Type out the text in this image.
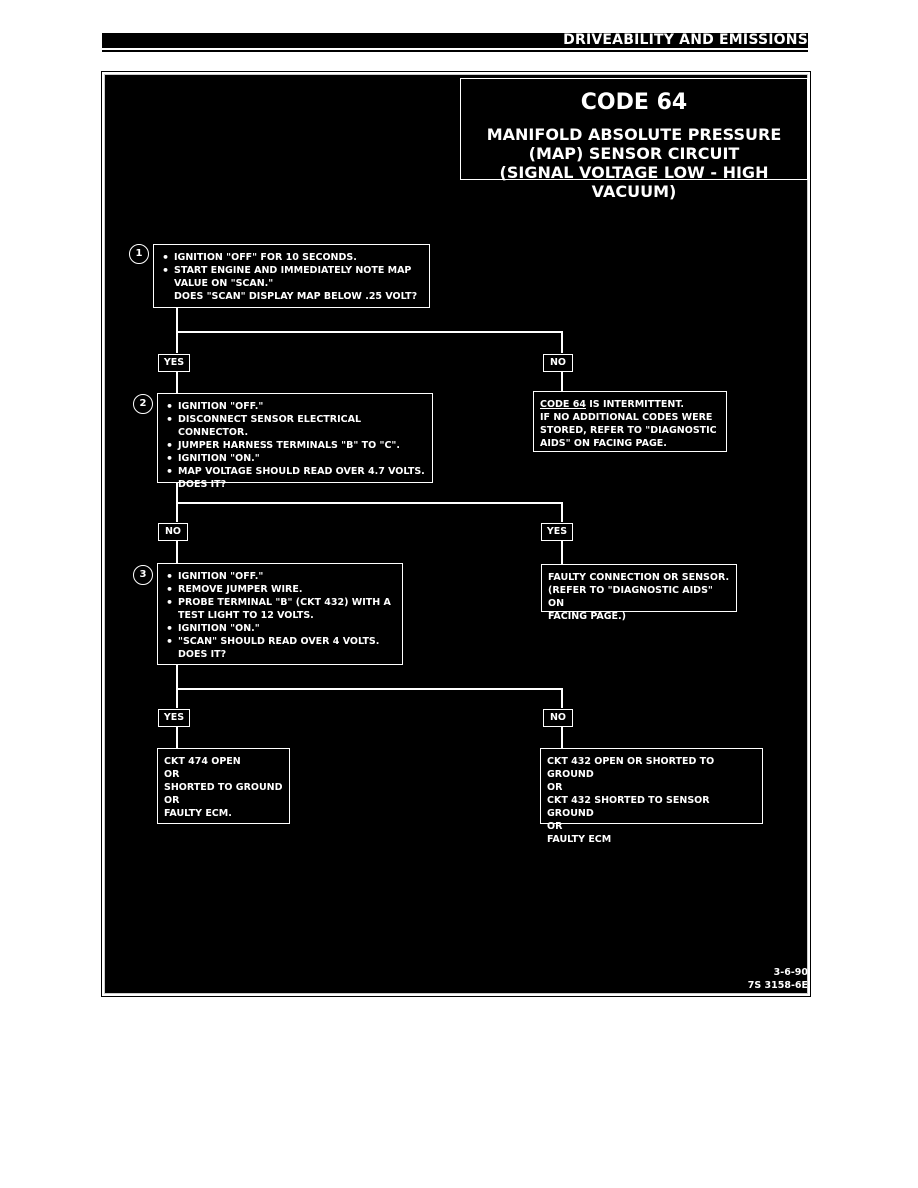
DRIVEABILITY AND EMISSIONS
CODE 64
MANIFOLD ABSOLUTE PRESSURE
(MAP) SENSOR CIRCUIT
(SIGNAL VOLTAGE LOW - HIGH VACUUM)
1	• IGNITION "OFF" FOR 10 SECONDS.
• START ENGINE AND IMMEDIATELY NOTE MAP VALUE ON "SCAN."
DOES "SCAN" DISPLAY MAP BELOW .25 VOLT?
YES	NO
CODE 64 IS INTERMITTENT.
IF NO ADDITIONAL CODES WERE
STORED, REFER TO "DIAGNOSTIC
AIDS" ON FACING PAGE.
2	• IGNITION "OFF."
• DISCONNECT SENSOR ELECTRICAL CONNECTOR.
• JUMPER HARNESS TERMINALS "B" TO "C".
• IGNITION "ON."
• MAP VOLTAGE SHOULD READ OVER 4.7 VOLTS.
DOES IT?
NO	YES
FAULTY CONNECTION OR SENSOR.
(REFER TO "DIAGNOSTIC AIDS" ON
FACING PAGE.)
3	• IGNITION "OFF."
• REMOVE JUMPER WIRE.
• PROBE TERMINAL "B" (CKT 432) WITH A TEST LIGHT TO 12 VOLTS.
• IGNITION "ON."
• "SCAN" SHOULD READ OVER 4 VOLTS.
DOES IT?
YES	NO
CKT 474 OPEN
OR
SHORTED TO GROUND
OR
FAULTY ECM.
CKT 432 OPEN OR SHORTED TO GROUND
OR
CKT 432 SHORTED TO SENSOR GROUND
OR
FAULTY ECM
3-6-90
7S 3158-6E
